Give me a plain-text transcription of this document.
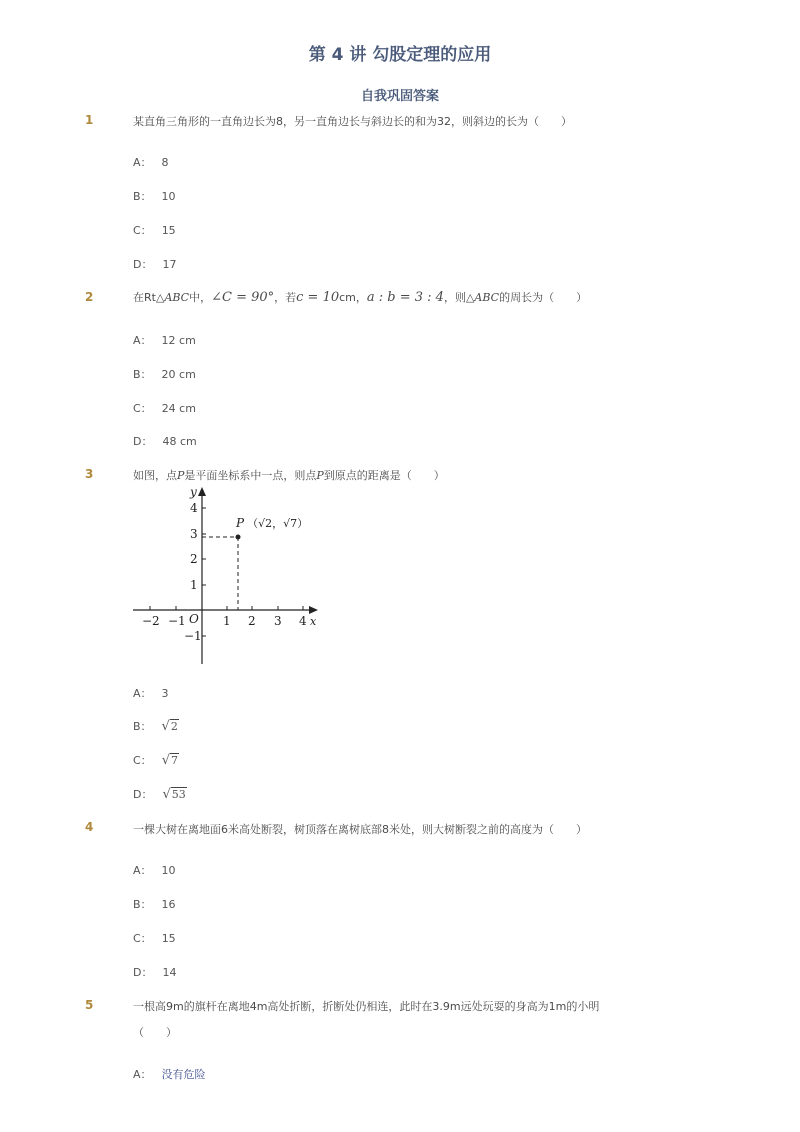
第 4 讲 勾股定理的应用
自我巩固答案
1	某直角三角形的一直角边长为8，另一直角边长与斜边长的和为32，则斜边的长为（　　）
A： 8
B： 10
C： 15
D： 17
2	在Rt△ABC中，∠C = 90°，若c = 10cm，a : b = 3 : 4，则△ABC的周长为（　　）
A： 12 cm
B： 20 cm
C： 24 cm
D： 48 cm
3	如图，点P是平面坐标系中一点，则点P到原点的距离是（　　）
−2 −1	1 2 3 4
O
4
3
2
1
−1
x
y
P （√2，√7）
A： 3
B： √2
C： √7
D： √53
4	一棵大树在离地面6米高处断裂，树顶落在离树底部8米处，则大树断裂之前的高度为（　　）
A： 10
B： 16
C： 15
D： 14
5	一根高9m的旗杆在离地4m高处折断，折断处仍相连，此时在3.9m远处玩耍的身高为1m的小明
（　　）
A： 没有危险
